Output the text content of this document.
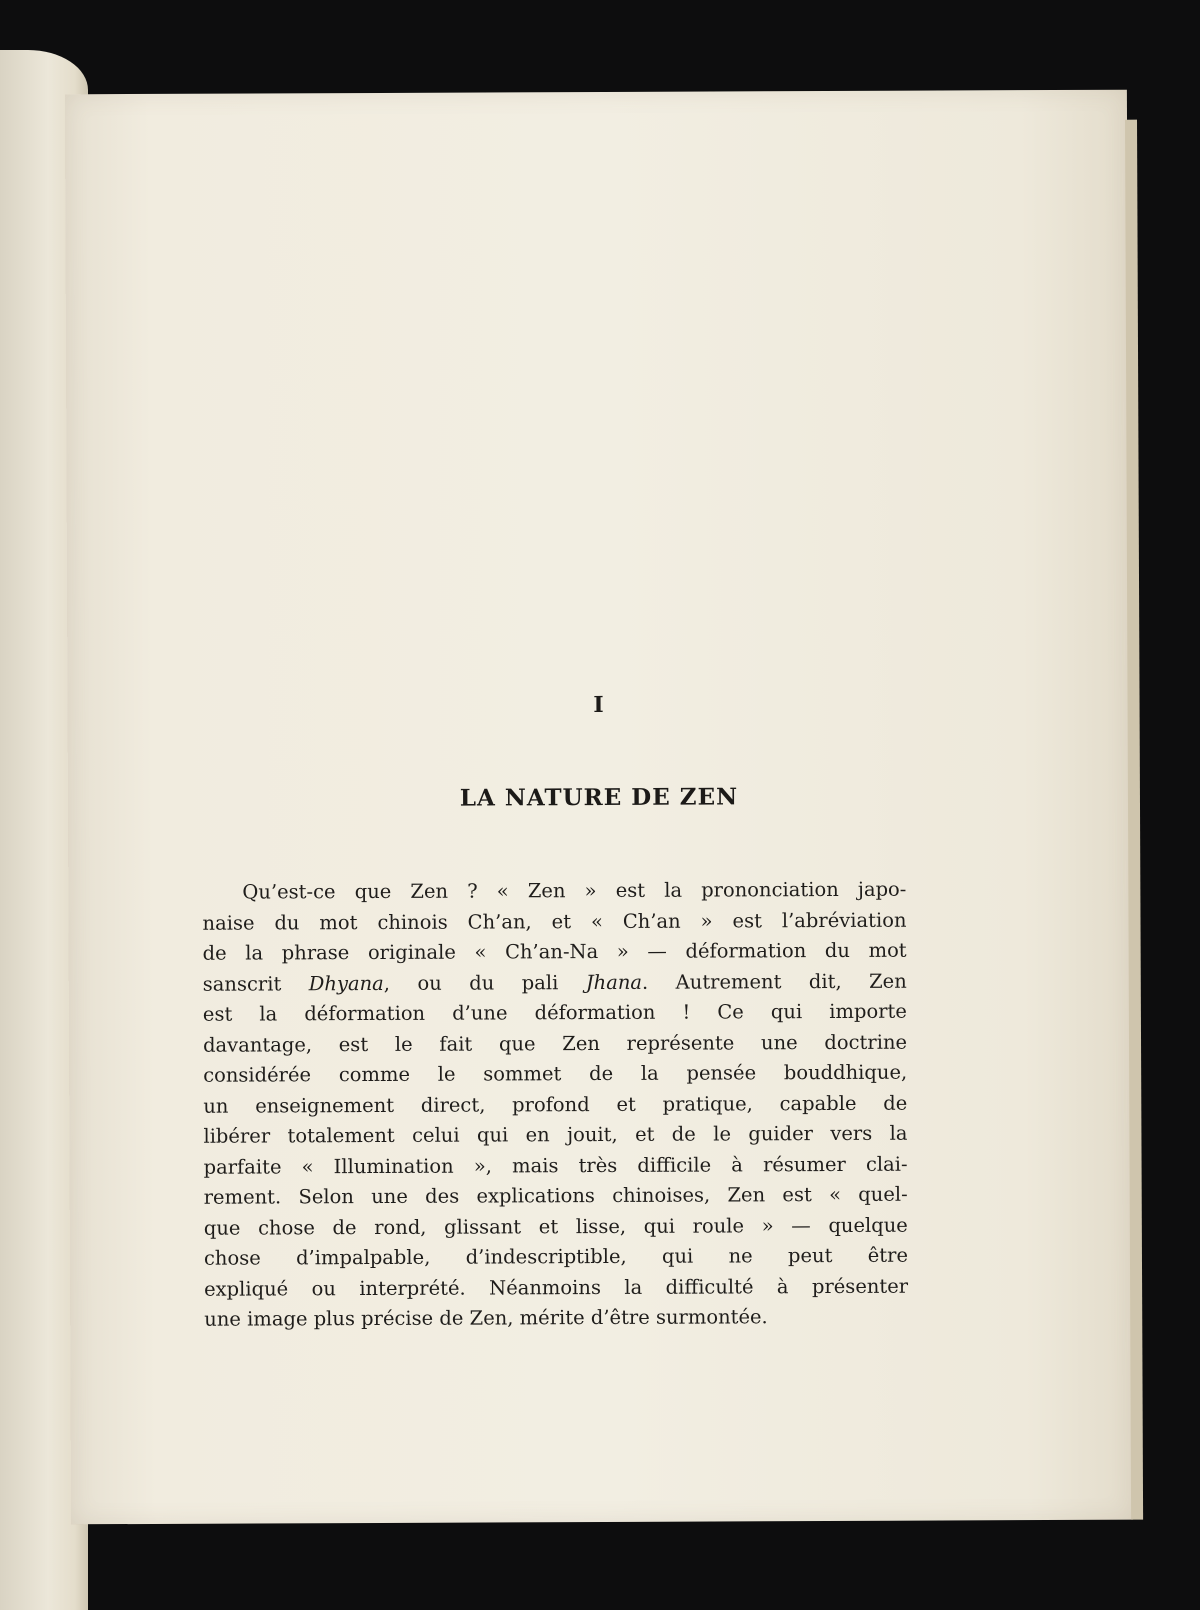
I
LA NATURE DE ZEN
Qu’est-ce que Zen ? « Zen » est la prononciation japo-
naise du mot chinois Ch’an, et « Ch’an » est l’abréviation
de la phrase originale « Ch’an-Na » — déformation du mot
sanscrit Dhyana, ou du pali Jhana. Autrement dit, Zen
est la déformation d’une déformation ! Ce qui importe
davantage, est le fait que Zen représente une doctrine
considérée comme le sommet de la pensée bouddhique,
un enseignement direct, profond et pratique, capable de
libérer totalement celui qui en jouit, et de le guider vers la
parfaite « Illumination », mais très difficile à résumer clai-
rement. Selon une des explications chinoises, Zen est « quel-
que chose de rond, glissant et lisse, qui roule » — quelque
chose d’impalpable, d’indescriptible, qui ne peut être
expliqué ou interprété. Néanmoins la difficulté à présenter
une image plus précise de Zen, mérite d’être surmontée.
